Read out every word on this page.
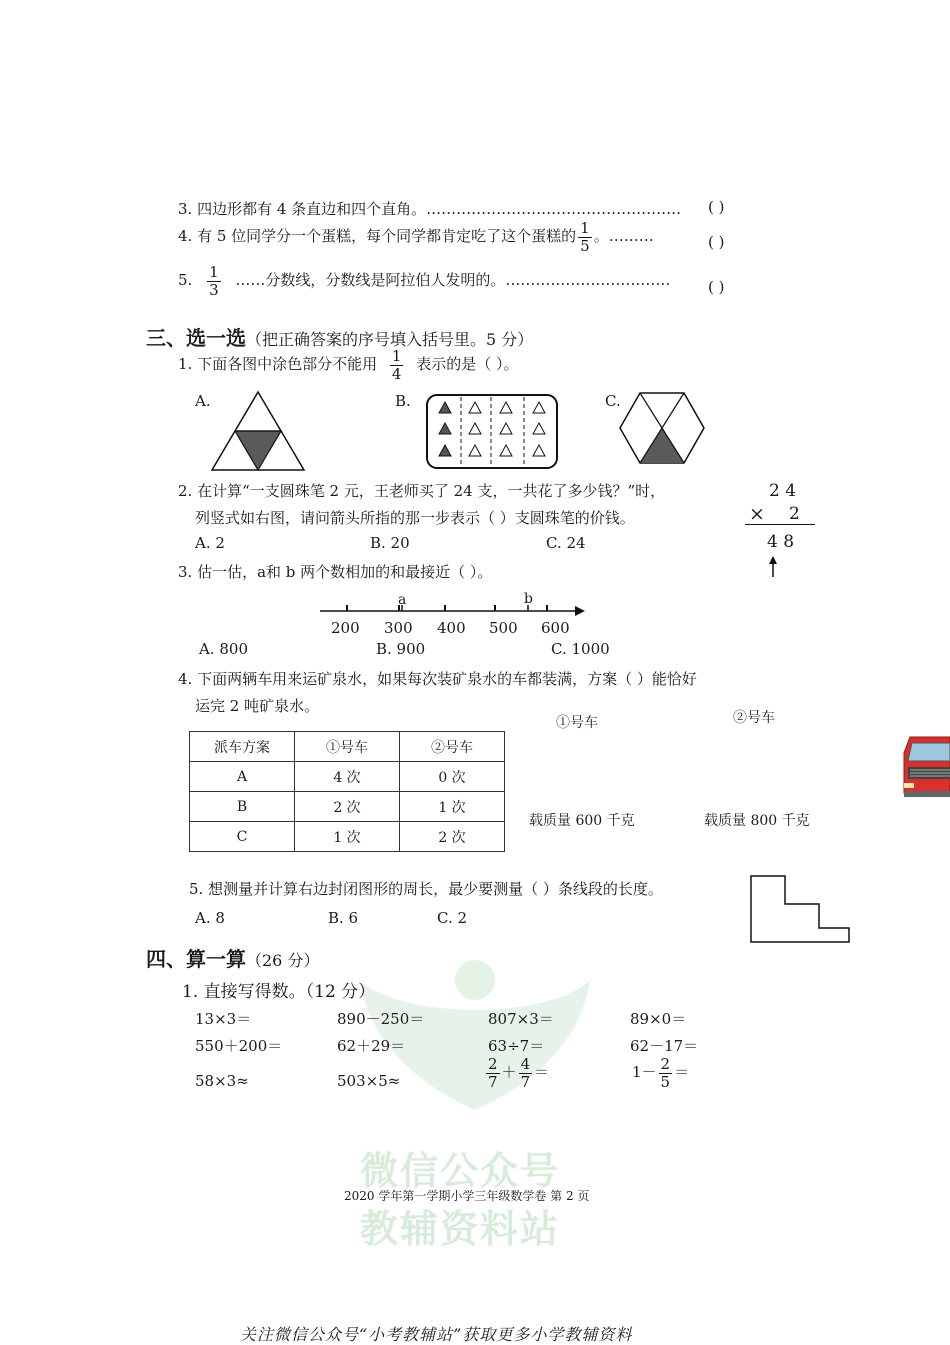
微信公众号
教辅资料站
3. 四边形都有 4 条直边和四个直角。…………………………………………… ( )
4. 有 5 位同学分一个蛋糕，每个同学都肯定吃了这个蛋糕的 $\frac{1}{5}$ 。………	( )
5. $\frac{1}{3}$ ……分数线，分数线是阿拉伯人发明的。……………………………	( )
三、选一选（把正确答案的序号填入括号里。5 分）
1. 下面各图中涂色部分不能用 $\frac{1}{4}$ 表示的是（ ）。
A.	B.	C.
2. 在计算“一支圆珠笔 2 元，王老师买了 24 支，一共花了多少钱？”时，
列竖式如右图，请问箭头所指的那一步表示（ ）支圆珠笔的价钱。
A. 2	B. 20	C. 24
2 4
× 2
4 8
3. 估一估，a和 b 两个数相加的和最接近（ ）。
a	b
200 300 400 500 600
A. 800	B. 900	C. 1000
4. 下面两辆车用来运矿泉水，如果每次装矿泉水的车都装满，方案（ ）能恰好
运完 2 吨矿泉水。
①号车	②号车
派车方案	①号车	②号车
A	4 次	0 次
B	2 次	1 次
C	1 次	2 次
载质量 600 千克	载质量 800 千克
5. 想测量并计算右边封闭图形的周长，最少要测量（ ）条线段的长度。
A. 8	B. 6	C. 2
四、算一算（26 分）
1. 直接写得数。（12 分）
13×3＝	890－250＝	807×3＝	89×0＝
550＋200＝	62＋29＝	63÷7＝	62－17＝
58×3≈	503×5≈	$\frac{2}{7} + \frac{4}{7}$ ＝	$1- \frac{2}{5}$ ＝
2020 学年第一学期小学三年级数学卷 第 2 页
关注微信公众号“小考教辅站”获取更多小学教辅资料
